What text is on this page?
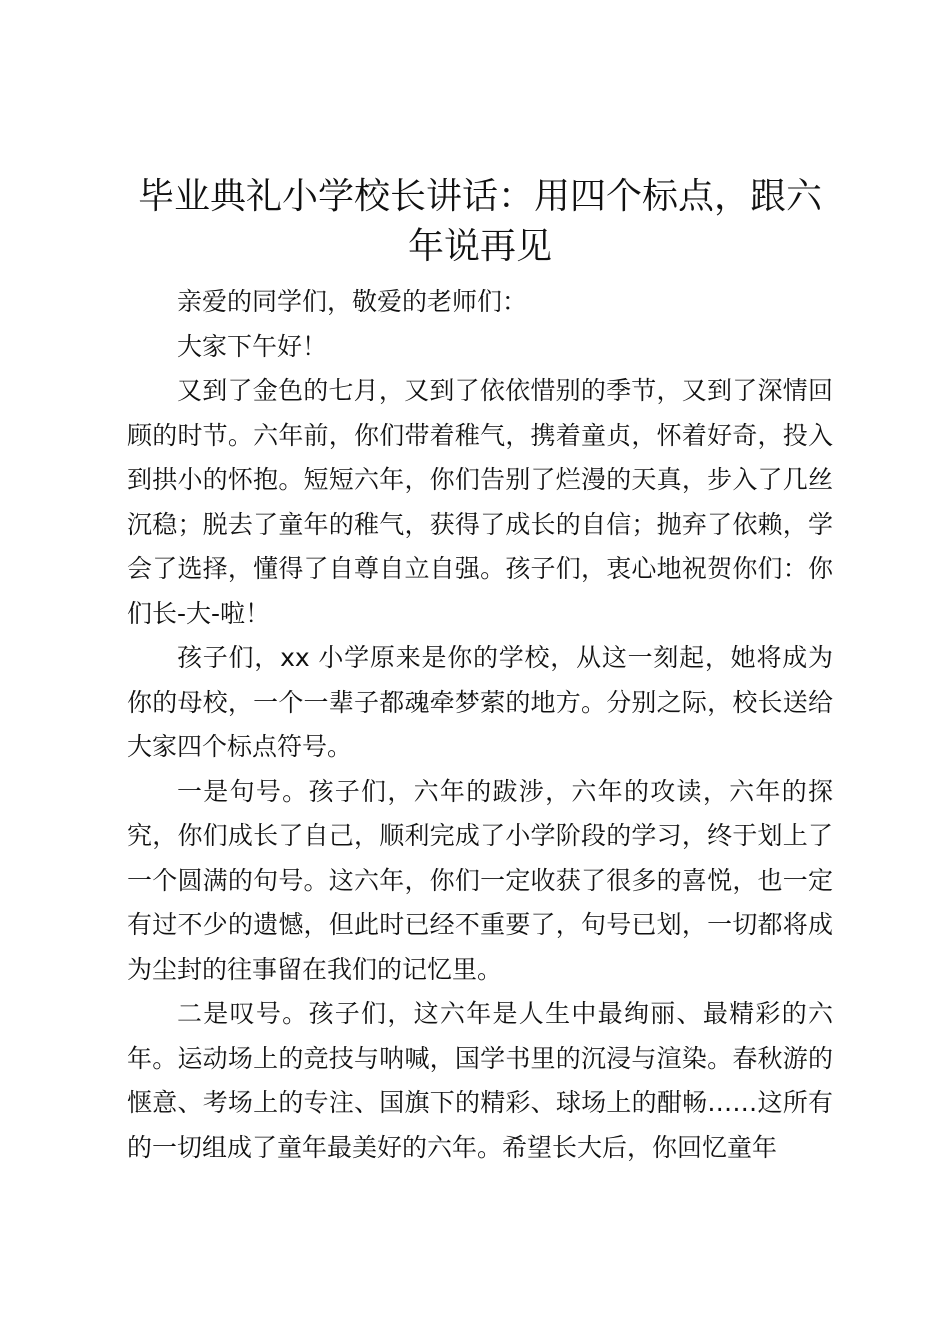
毕业典礼小学校长讲话：用四个标点，跟六年说再见

亲爱的同学们，敬爱的老师们：

大家下午好！

又到了金色的七月，又到了依依惜别的季节，又到了深情回顾的时节。六年前，你们带着稚气，携着童贞，怀着好奇，投入到拱小的怀抱。短短六年，你们告别了烂漫的天真，步入了几丝沉稳；脱去了童年的稚气，获得了成长的自信；抛弃了依赖，学会了选择，懂得了自尊自立自强。孩子们，衷心地祝贺你们：你们长-大-啦！

孩子们，xx 小学原来是你的学校，从这一刻起，她将成为你的母校，一个一辈子都魂牵梦萦的地方。分别之际，校长送给大家四个标点符号。

一是句号。孩子们，六年的跋涉，六年的攻读，六年的探究，你们成长了自己，顺利完成了小学阶段的学习，终于划上了一个圆满的句号。这六年，你们一定收获了很多的喜悦，也一定有过不少的遗憾，但此时已经不重要了，句号已划，一切都将成为尘封的往事留在我们的记忆里。

二是叹号。孩子们，这六年是人生中最绚丽、最精彩的六年。运动场上的竞技与呐喊，国学书里的沉浸与渲染。春秋游的惬意、考场上的专注、国旗下的精彩、球场上的酣畅……这所有的一切组成了童年最美好的六年。希望长大后，你回忆童年
